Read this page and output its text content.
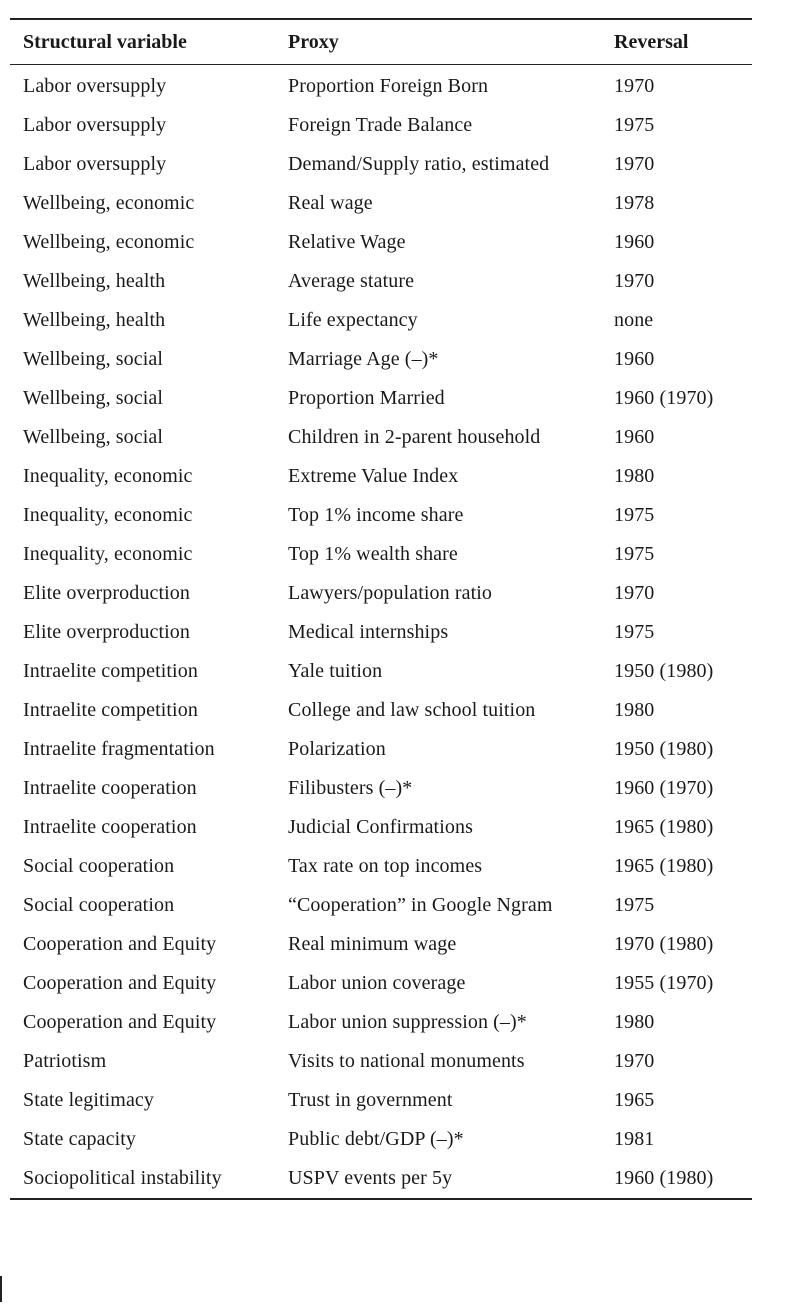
Structural variable	Proxy	Reversal
Labor oversupply	Proportion Foreign Born	1970
Labor oversupply	Foreign Trade Balance	1975
Labor oversupply	Demand/Supply ratio, estimated	1970
Wellbeing, economic	Real wage	1978
Wellbeing, economic	Relative Wage	1960
Wellbeing, health	Average stature	1970
Wellbeing, health	Life expectancy	none
Wellbeing, social	Marriage Age (–)*	1960
Wellbeing, social	Proportion Married	1960 (1970)
Wellbeing, social	Children in 2-parent household	1960
Inequality, economic	Extreme Value Index	1980
Inequality, economic	Top 1% income share	1975
Inequality, economic	Top 1% wealth share	1975
Elite overproduction	Lawyers/population ratio	1970
Elite overproduction	Medical internships	1975
Intraelite competition	Yale tuition	1950 (1980)
Intraelite competition	College and law school tuition	1980
Intraelite fragmentation	Polarization	1950 (1980)
Intraelite cooperation	Filibusters (–)*	1960 (1970)
Intraelite cooperation	Judicial Confirmations	1965 (1980)
Social cooperation	Tax rate on top incomes	1965 (1980)
Social cooperation	“Cooperation” in Google Ngram	1975
Cooperation and Equity	Real minimum wage	1970 (1980)
Cooperation and Equity	Labor union coverage	1955 (1970)
Cooperation and Equity	Labor union suppression (–)*	1980
Patriotism	Visits to national monuments	1970
State legitimacy	Trust in government	1965
State capacity	Public debt/GDP (–)*	1981
Sociopolitical instability	USPV events per 5y	1960 (1980)
